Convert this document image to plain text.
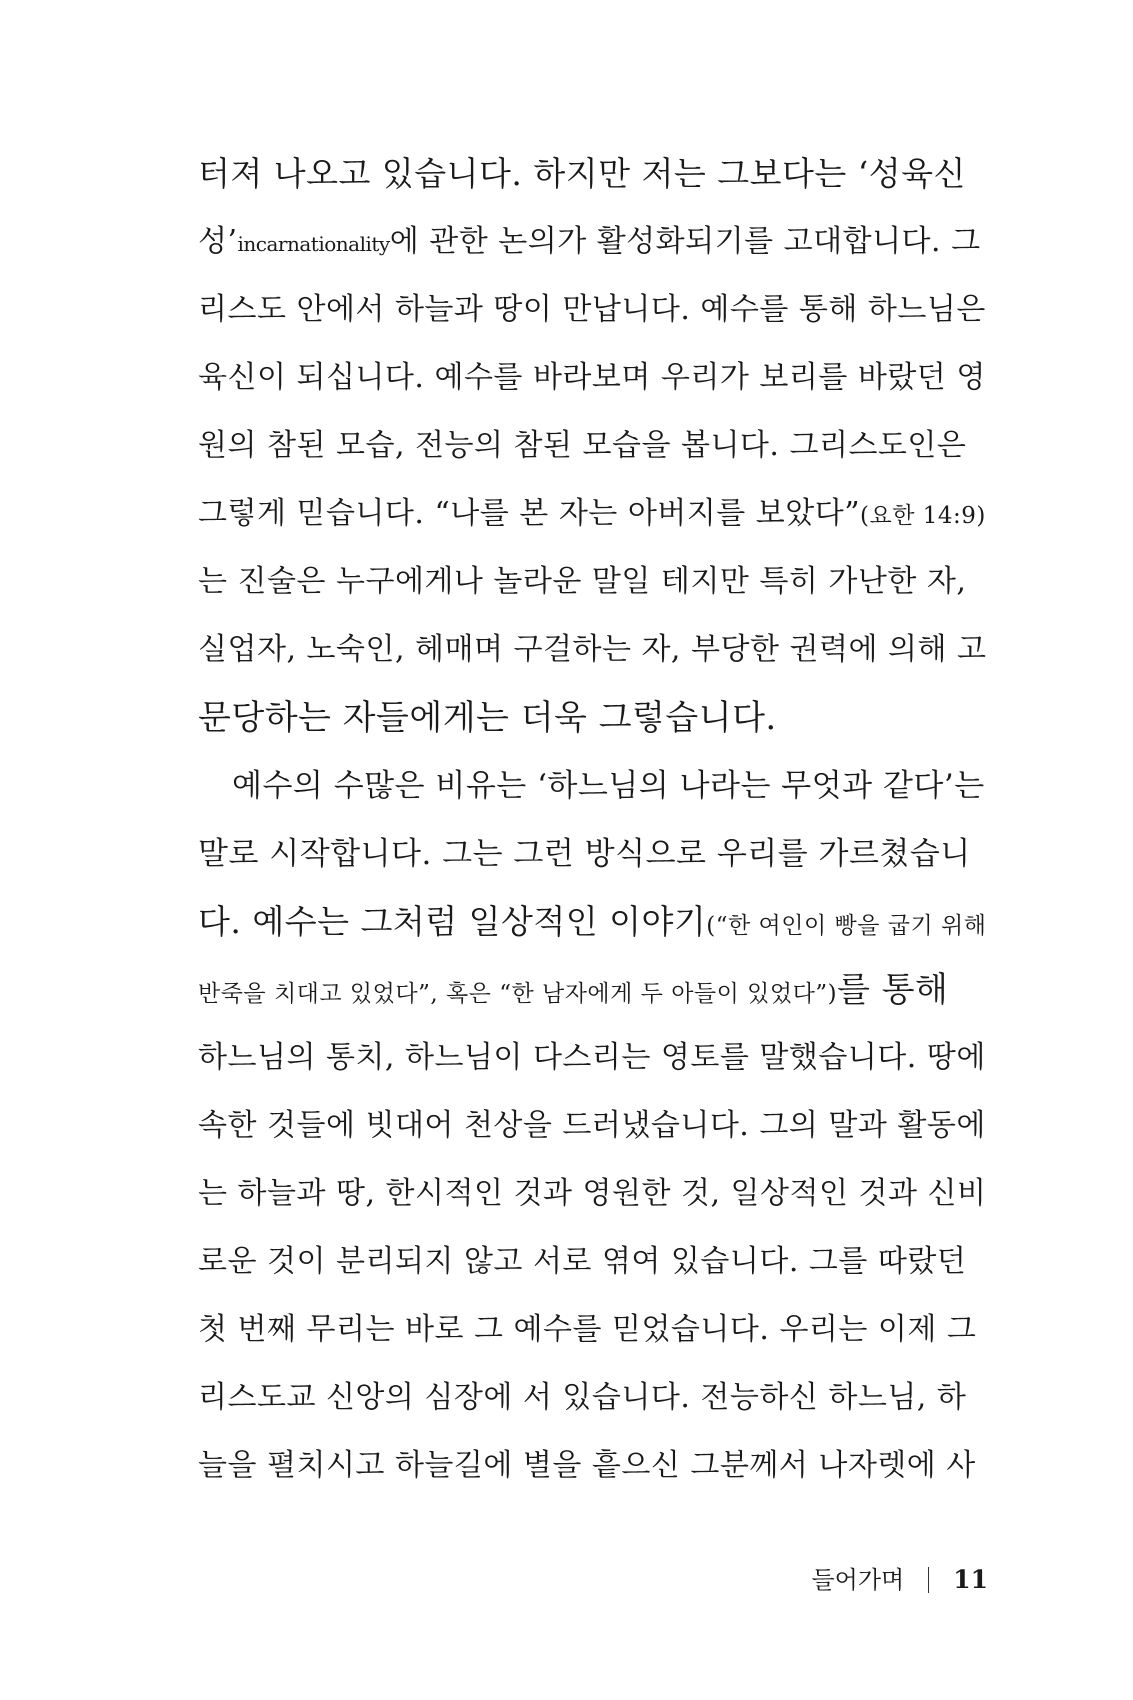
터져 나오고 있습니다. 하지만 저는 그보다는 ‘성육신
성’incarnationality에 관한 논의가 활성화되기를 고대합니다. 그
리스도 안에서 하늘과 땅이 만납니다. 예수를 통해 하느님은
육신이 되십니다. 예수를 바라보며 우리가 보리를 바랐던 영
원의 참된 모습, 전능의 참된 모습을 봅니다. 그리스도인은
그렇게 믿습니다. “나를 본 자는 아버지를 보았다”(요한 14:9)
는 진술은 누구에게나 놀라운 말일 테지만 특히 가난한 자,
실업자, 노숙인, 헤매며 구걸하는 자, 부당한 권력에 의해 고
문당하는 자들에게는 더욱 그렇습니다.
예수의 수많은 비유는 ‘하느님의 나라는 무엇과 같다’는
말로 시작합니다. 그는 그런 방식으로 우리를 가르쳤습니
다. 예수는 그처럼 일상적인 이야기(“한 여인이 빵을 굽기 위해
반죽을 치대고 있었다”, 혹은 “한 남자에게 두 아들이 있었다”)를 통해
하느님의 통치, 하느님이 다스리는 영토를 말했습니다. 땅에
속한 것들에 빗대어 천상을 드러냈습니다. 그의 말과 활동에
는 하늘과 땅, 한시적인 것과 영원한 것, 일상적인 것과 신비
로운 것이 분리되지 않고 서로 엮여 있습니다. 그를 따랐던
첫 번째 무리는 바로 그 예수를 믿었습니다. 우리는 이제 그
리스도교 신앙의 심장에 서 있습니다. 전능하신 하느님, 하
늘을 펼치시고 하늘길에 별을 흩으신 그분께서 나자렛에 사
들어가며 11
